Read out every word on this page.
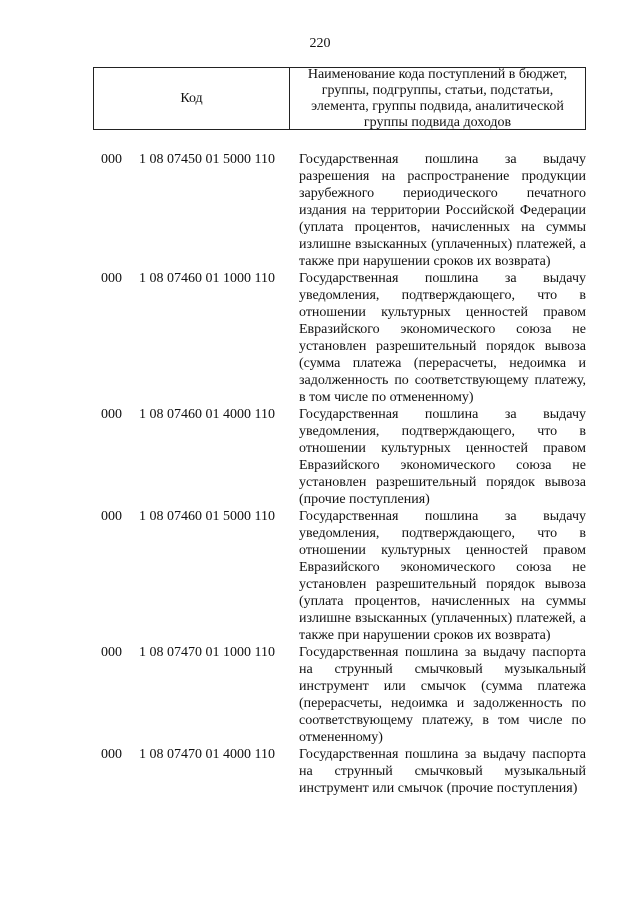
220
Код
Наименование кода поступлений в бюджет, группы, подгруппы, статьи, подстатьи, элемента, группы подвида, аналитической группы подвида доходов
000	1 08 07450 01 5000 110	Государственная пошлина за выдачу разрешения на распространение продукции зарубежного периодического печатного издания на территории Российской Федерации (уплата процентов, начисленных на суммы излишне взысканных (уплаченных) платежей, а также при нарушении сроков их возврата)
000	1 08 07460 01 1000 110	Государственная пошлина за выдачу уведомления, подтверждающего, что в отношении культурных ценностей правом Евразийского экономического союза не установлен разрешительный порядок вывоза (сумма платежа (перерасчеты, недоимка и задолженность по соответствующему платежу, в том числе по отмененному)
000	1 08 07460 01 4000 110	Государственная пошлина за выдачу уведомления, подтверждающего, что в отношении культурных ценностей правом Евразийского экономического союза не установлен разрешительный порядок вывоза (прочие поступления)
000	1 08 07460 01 5000 110	Государственная пошлина за выдачу уведомления, подтверждающего, что в отношении культурных ценностей правом Евразийского экономического союза не установлен разрешительный порядок вывоза (уплата процентов, начисленных на суммы излишне взысканных (уплаченных) платежей, а также при нарушении сроков их возврата)
000	1 08 07470 01 1000 110	Государственная пошлина за выдачу паспорта на струнный смычковый музыкальный инструмент или смычок (сумма платежа (перерасчеты, недоимка и задолженность по соответствующему платежу, в том числе по отмененному)
000	1 08 07470 01 4000 110	Государственная пошлина за выдачу паспорта на струнный смычковый музыкальный инструмент или смычок (прочие поступления)
